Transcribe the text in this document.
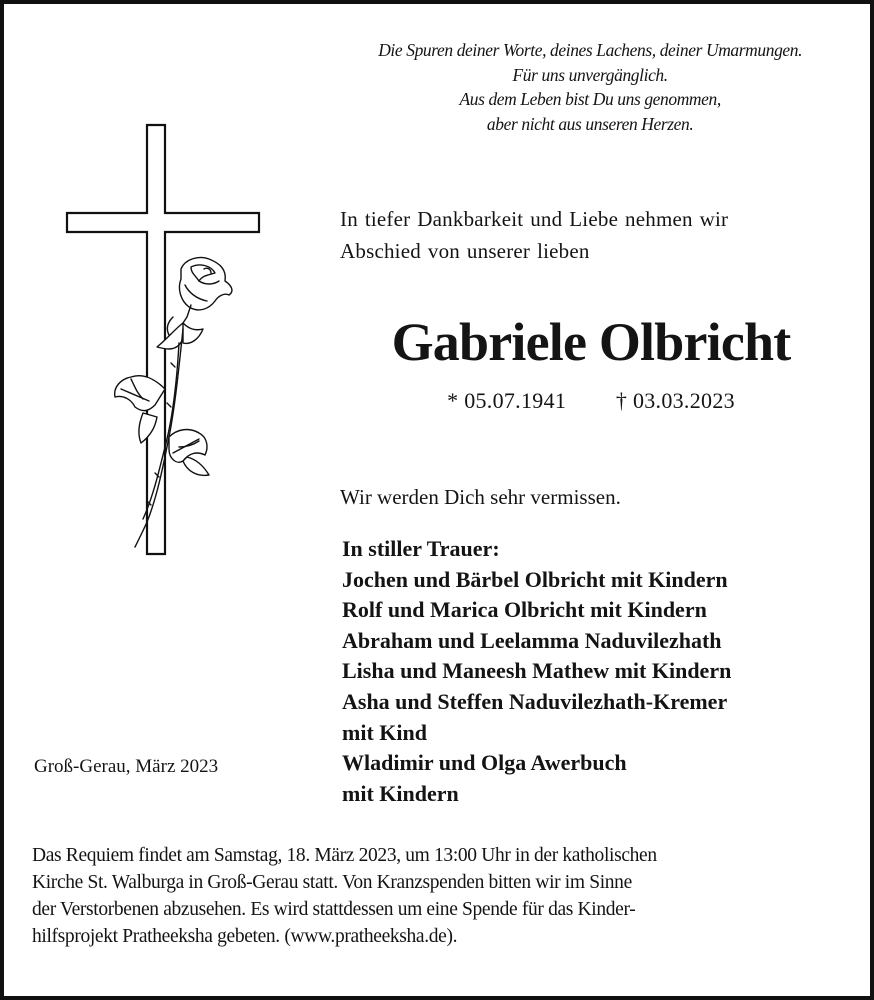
Die Spuren deiner Worte, deines Lachens, deiner Umarmungen.
Für uns unvergänglich.
Aus dem Leben bist Du uns genommen,
aber nicht aus unseren Herzen.
In tiefer Dankbarkeit und Liebe nehmen wir
Abschied von unserer lieben
Gabriele Olbricht
* 05.07.1941 † 03.03.2023
Wir werden Dich sehr vermissen.
In stiller Trauer:
Jochen und Bärbel Olbricht mit Kindern
Rolf und Marica Olbricht mit Kindern
Abraham und Leelamma Naduvilezhath
Lisha und Maneesh Mathew mit Kindern
Asha und Steffen Naduvilezhath-Kremer
mit Kind
Wladimir und Olga Awerbuch
mit Kindern
Groß-Gerau, März 2023
Das Requiem findet am Samstag, 18. März 2023, um 13:00 Uhr in der katholischen
Kirche St. Walburga in Groß-Gerau statt. Von Kranzspenden bitten wir im Sinne
der Verstorbenen abzusehen. Es wird stattdessen um eine Spende für das Kinder-
hilfsprojekt Pratheeksha gebeten. (www.pratheeksha.de).
